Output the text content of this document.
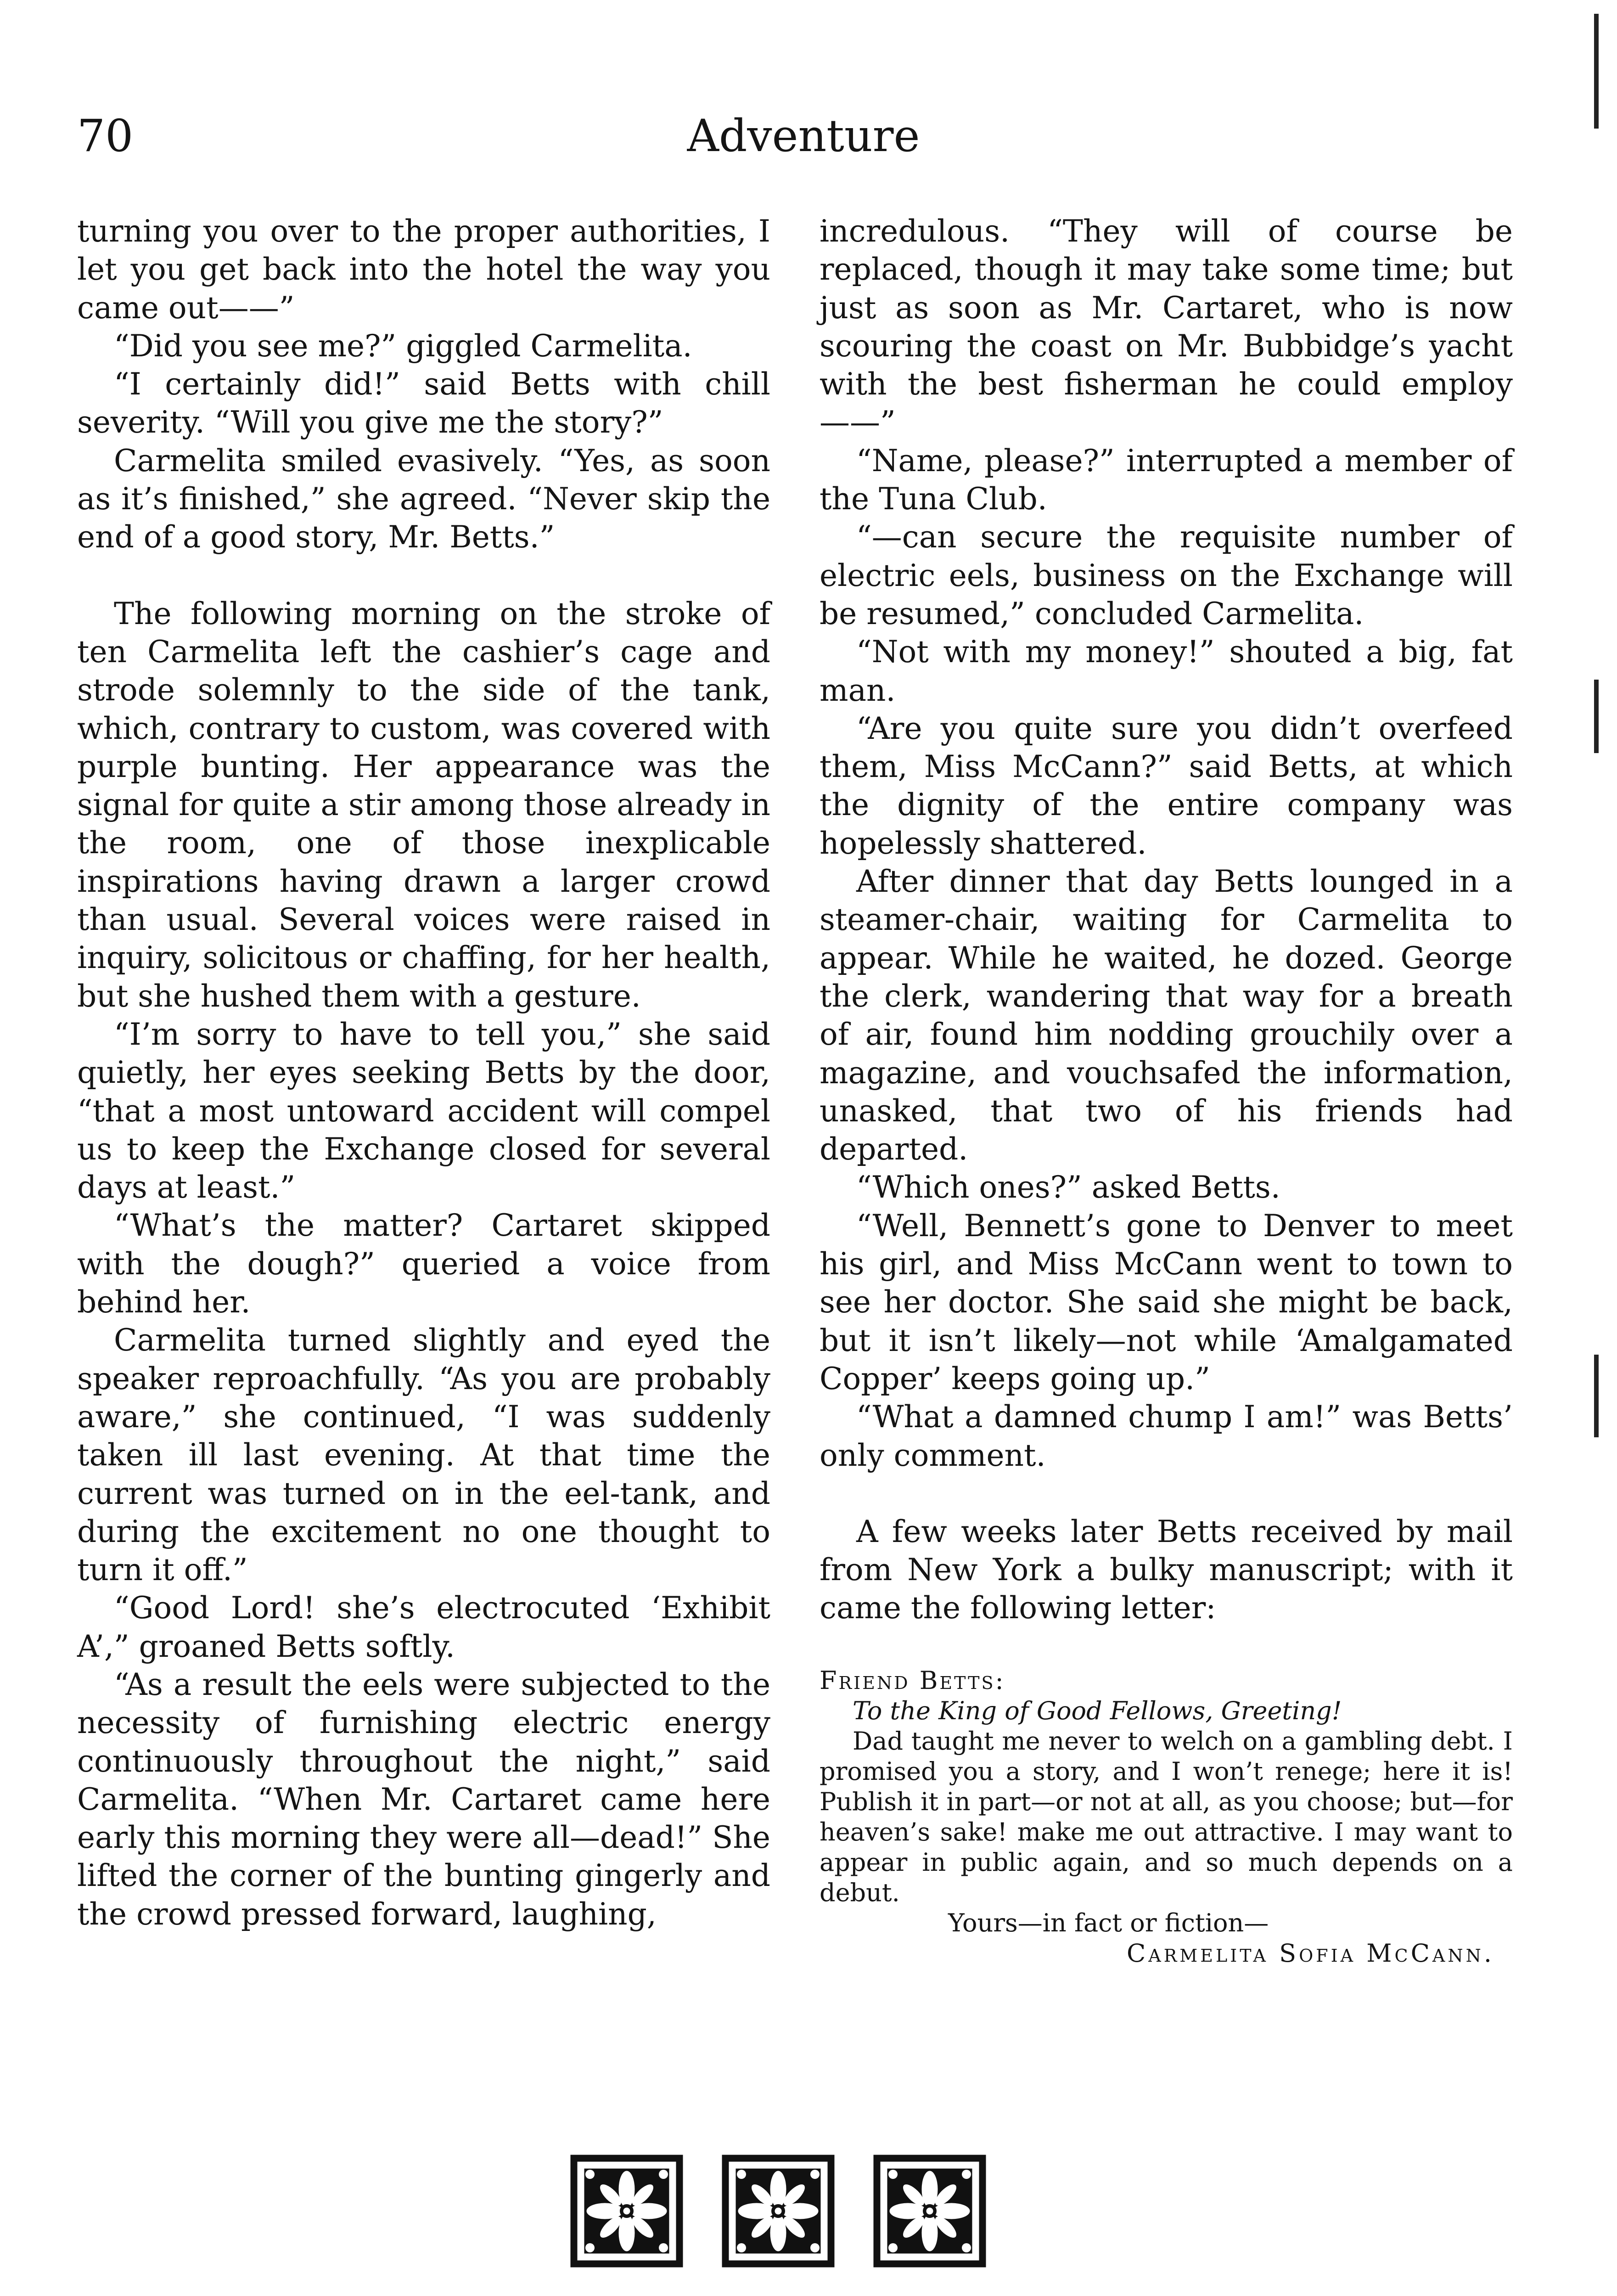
70	Adventure

turning you over to the proper authorities, I let you get back into the hotel the way you came out——”

“Did you see me?” giggled Carmelita.

“I certainly did!” said Betts with chill severity. “Will you give me the story?”

Carmelita smiled evasively. “Yes, as soon as it’s finished,” she agreed. “Never skip the end of a good story, Mr. Betts.”

The following morning on the stroke of ten Carmelita left the cashier’s cage and strode solemnly to the side of the tank, which, contrary to custom, was covered with purple bunting. Her appearance was the signal for quite a stir among those already in the room, one of those inexplicable inspirations having drawn a larger crowd than usual. Several voices were raised in inquiry, solicitous or chaffing, for her health, but she hushed them with a gesture.

“I’m sorry to have to tell you,” she said quietly, her eyes seeking Betts by the door, “that a most untoward accident will compel us to keep the Exchange closed for several days at least.”

“What’s the matter? Cartaret skipped with the dough?” queried a voice from behind her.

Carmelita turned slightly and eyed the speaker reproachfully. “As you are probably aware,” she continued, “I was suddenly taken ill last evening. At that time the current was turned on in the eel-tank, and during the excitement no one thought to turn it off.”

“Good Lord! she’s electrocuted ‘Exhibit A’,” groaned Betts softly.

“As a result the eels were subjected to the necessity of furnishing electric energy continuously throughout the night,” said Carmelita. “When Mr. Cartaret came here early this morning they were all—dead!” She lifted the corner of the bunting gingerly and the crowd pressed forward, laughing,

incredulous. “They will of course be replaced, though it may take some time; but just as soon as Mr. Cartaret, who is now scouring the coast on Mr. Bubbidge’s yacht with the best fisherman he could employ——”

“Name, please?” interrupted a member of the Tuna Club.

“—can secure the requisite number of electric eels, business on the Exchange will be resumed,” concluded Carmelita.

“Not with my money!” shouted a big, fat man.

“Are you quite sure you didn’t overfeed them, Miss McCann?” said Betts, at which the dignity of the entire company was hopelessly shattered.

After dinner that day Betts lounged in a steamer-chair, waiting for Carmelita to appear. While he waited, he dozed. George the clerk, wandering that way for a breath of air, found him nodding grouchily over a magazine, and vouchsafed the information, unasked, that two of his friends had departed.

“Which ones?” asked Betts.

“Well, Bennett’s gone to Denver to meet his girl, and Miss McCann went to town to see her doctor. She said she might be back, but it isn’t likely—not while ‘Amalgamated Copper’ keeps going up.”

“What a damned chump I am!” was Betts’ only comment.

A few weeks later Betts received by mail from New York a bulky manuscript; with it came the following letter:

Friend Betts:
To the King of Good Fellows, Greeting!
Dad taught me never to welch on a gambling debt. I promised you a story, and I won’t renege; here it is! Publish it in part—or not at all, as you choose; but—for heaven’s sake! make me out attractive. I may want to appear in public again, and so much depends on a debut.
Yours—in fact or fiction—
Carmelita Sofia McCann.
